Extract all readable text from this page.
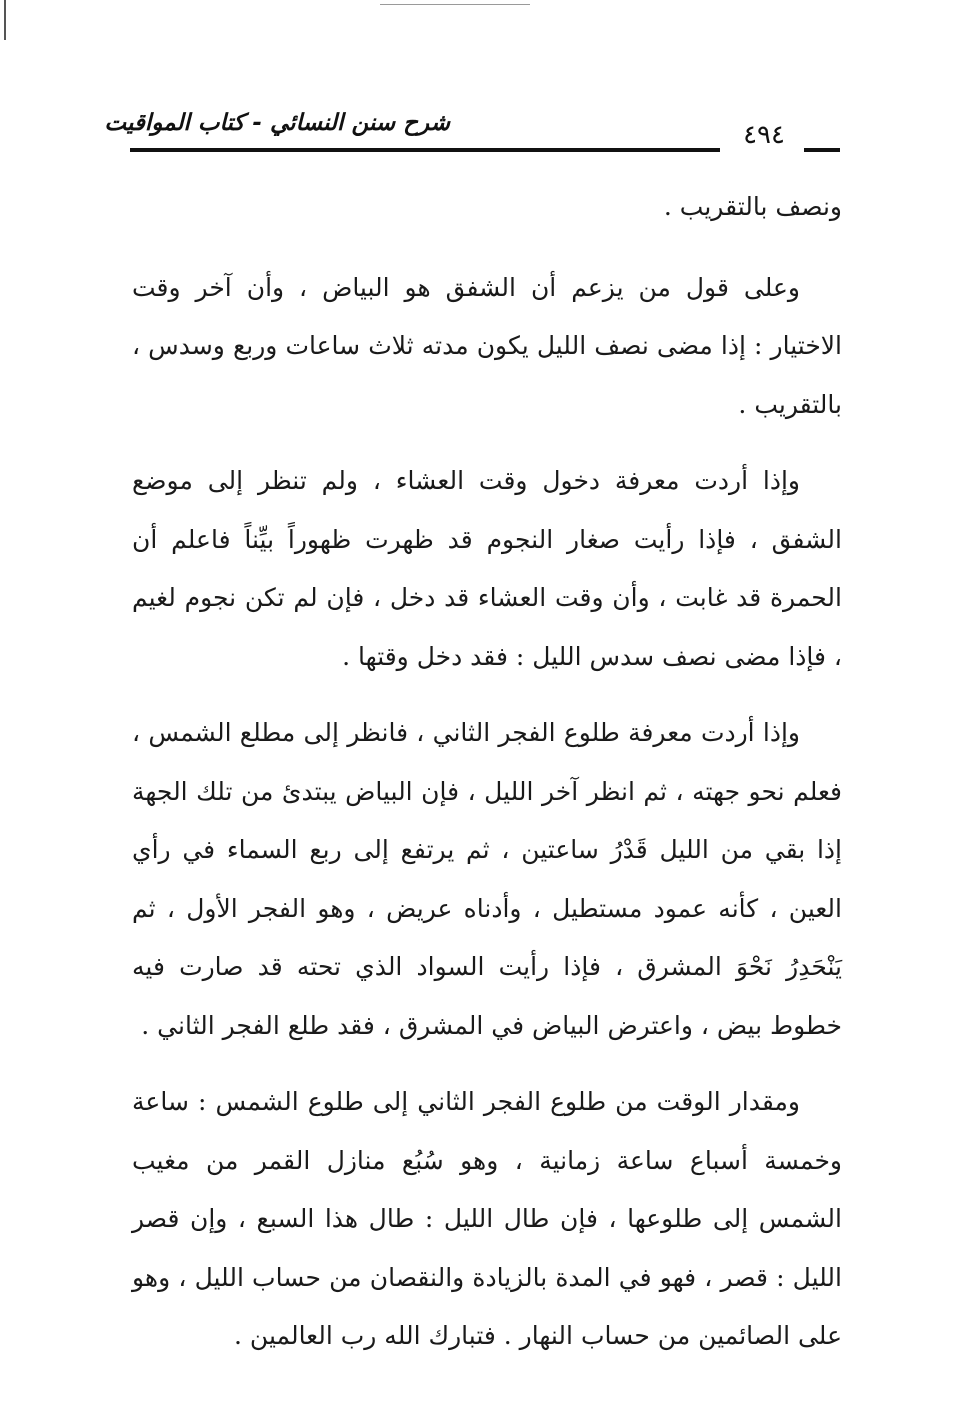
شرح سنن النسائي - كتاب المواقيت	٤٩٤

ونصف بالتقريب .

وعلى قول من يزعم أن الشفق هو البياض ، وأن آخر وقت الاختيار : إذا مضى نصف الليل يكون مدته ثلاث ساعات وربع وسدس ، بالتقريب .

وإذا أردت معرفة دخول وقت العشاء ، ولم تنظر إلى موضع الشفق ، فإذا رأيت صغار النجوم قد ظهرت ظهوراً بيِّناً فاعلم أن الحمرة قد غابت ، وأن وقت العشاء قد دخل ، فإن لم تكن نجوم لغيم ، فإذا مضى نصف سدس الليل : فقد دخل وقتها .

وإذا أردت معرفة طلوع الفجر الثاني ، فانظر إلى مطلع الشمس ، فعلم نحو جهته ، ثم انظر آخر الليل ، فإن البياض يبتدئ من تلك الجهة إذا بقي من الليل قَدْرُ ساعتين ، ثم يرتفع إلى ربع السماء في رأي العين ، كأنه عمود مستطيل ، وأدناه عريض ، وهو الفجر الأول ، ثم يَنْحَدِرُ نَحْوَ المشرق ، فإذا رأيت السواد الذي تحته قد صارت فيه خطوط بيض ، واعترض البياض في المشرق ، فقد طلع الفجر الثاني .

ومقدار الوقت من طلوع الفجر الثاني إلى طلوع الشمس : ساعة وخمسة أسباع ساعة زمانية ، وهو سُبُع منازل القمر من مغيب الشمس إلى طلوعها ، فإن طال الليل : طال هذا السبع ، وإن قصر الليل : قصر ، فهو في المدة بالزيادة والنقصان من حساب الليل ، وهو على الصائمين من حساب النهار . فتبارك الله رب العالمين .
